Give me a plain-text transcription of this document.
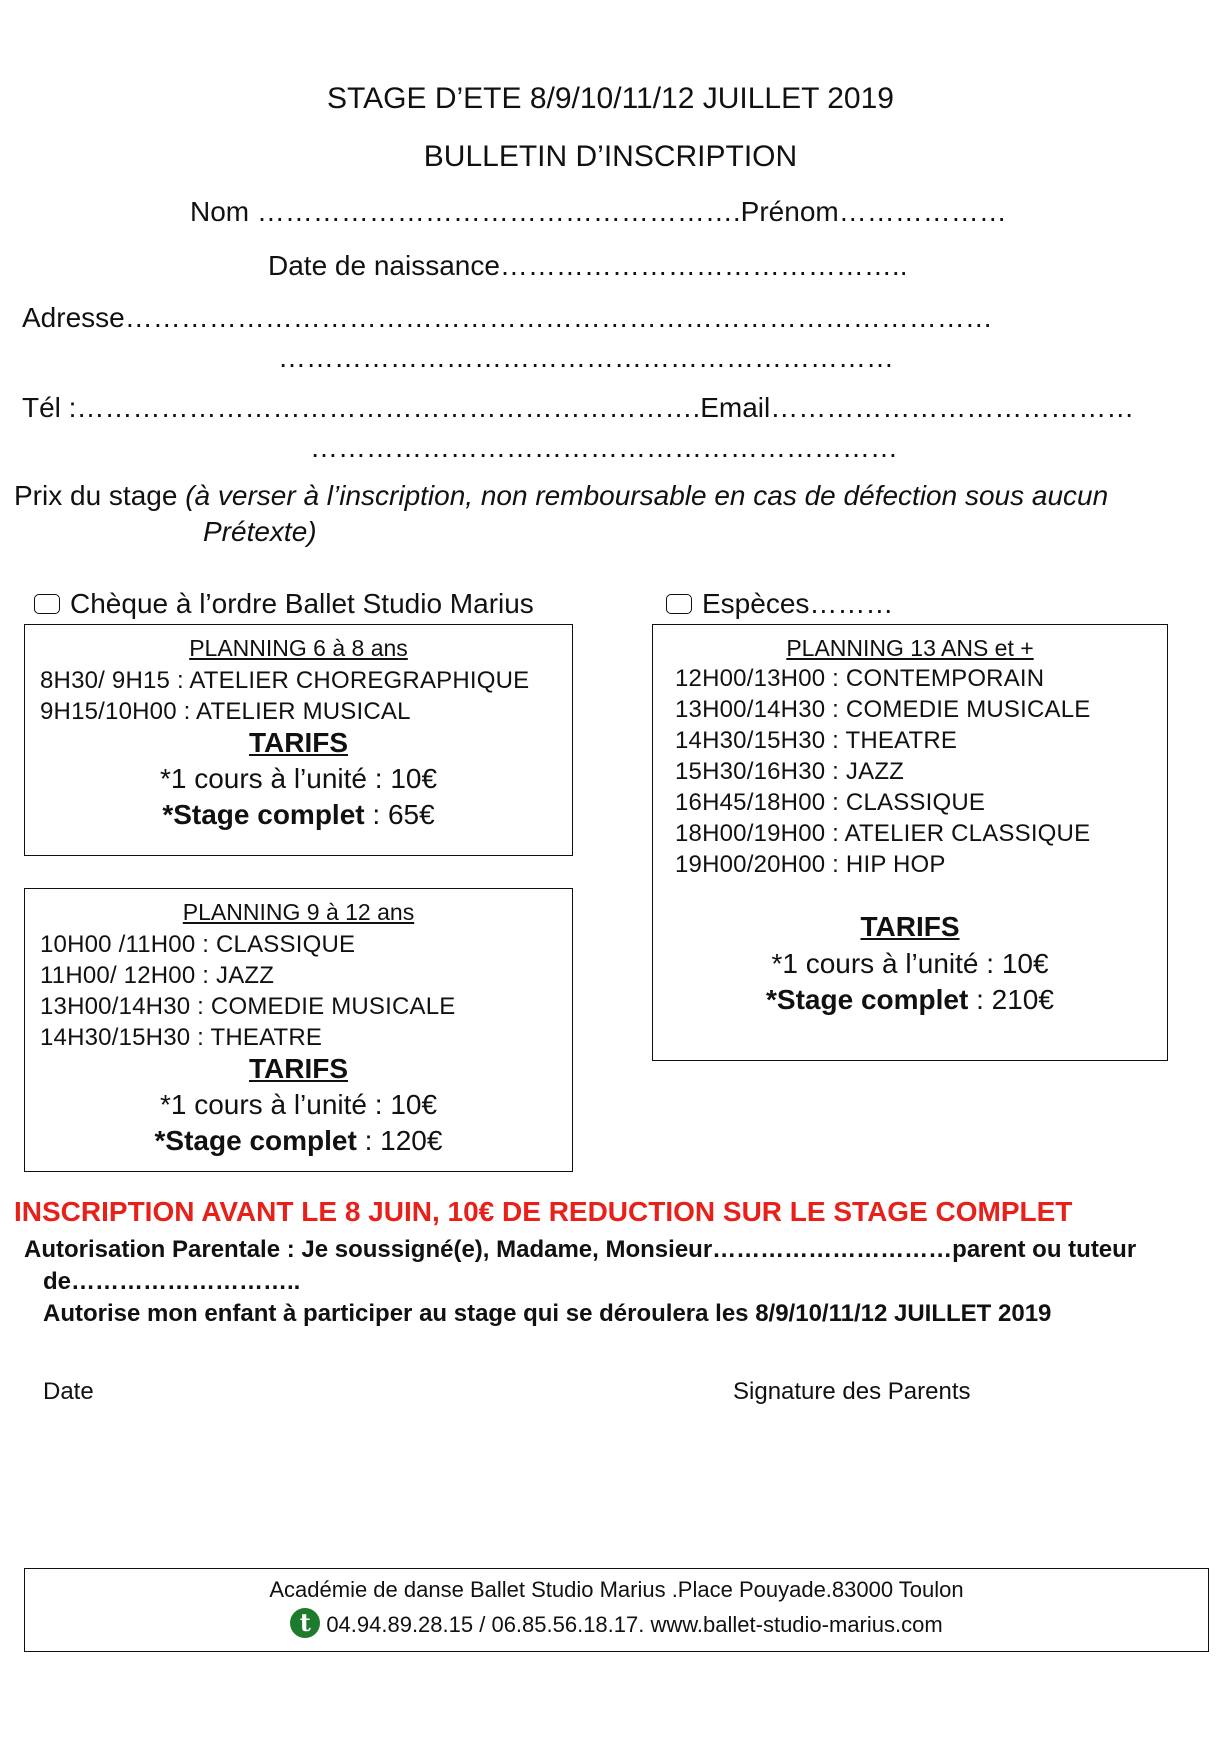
STAGE D’ETE 8/9/10/11/12 JUILLET 2019
BULLETIN D’INSCRIPTION
Nom …………………………………………….Prénom………………
Date de naissance……………………………………..
Adresse…………………………………………………………………………………
…………………………………………………………
Tél :………………………………………………………….Email…………………………………
………………………………………………………
Prix du stage (à verser à l’inscription, non remboursable en cas de défection sous aucun
Prétexte)
Chèque à l’ordre Ballet Studio Marius	Espèces………
PLANNING 6 à 8 ans
8H30/ 9H15 : ATELIER CHOREGRAPHIQUE
9H15/10H00 : ATELIER MUSICAL
TARIFS
*1 cours à l’unité : 10€
*Stage complet : 65€
PLANNING 9 à 12 ans
10H00 /11H00 : CLASSIQUE
11H00/ 12H00 : JAZZ
13H00/14H30 : COMEDIE MUSICALE
14H30/15H30 : THEATRE
TARIFS
*1 cours à l’unité : 10€
*Stage complet : 120€
PLANNING 13 ANS et +
12H00/13H00 : CONTEMPORAIN
13H00/14H30 : COMEDIE MUSICALE
14H30/15H30 : THEATRE
15H30/16H30 : JAZZ
16H45/18H00 : CLASSIQUE
18H00/19H00 : ATELIER CLASSIQUE
19H00/20H00 : HIP HOP
TARIFS
*1 cours à l’unité : 10€
*Stage complet : 210€
INSCRIPTION AVANT LE 8 JUIN, 10€ DE REDUCTION SUR LE STAGE COMPLET
Autorisation Parentale : Je soussigné(e), Madame, Monsieur…………………………parent ou tuteur
de………………………..
Autorise mon enfant à participer au stage qui se déroulera les 8/9/10/11/12 JUILLET 2019
Date	Signature des Parents
Académie de danse Ballet Studio Marius .Place Pouyade.83000 Toulon
t 04.94.89.28.15 / 06.85.56.18.17. www.ballet-studio-marius.com
